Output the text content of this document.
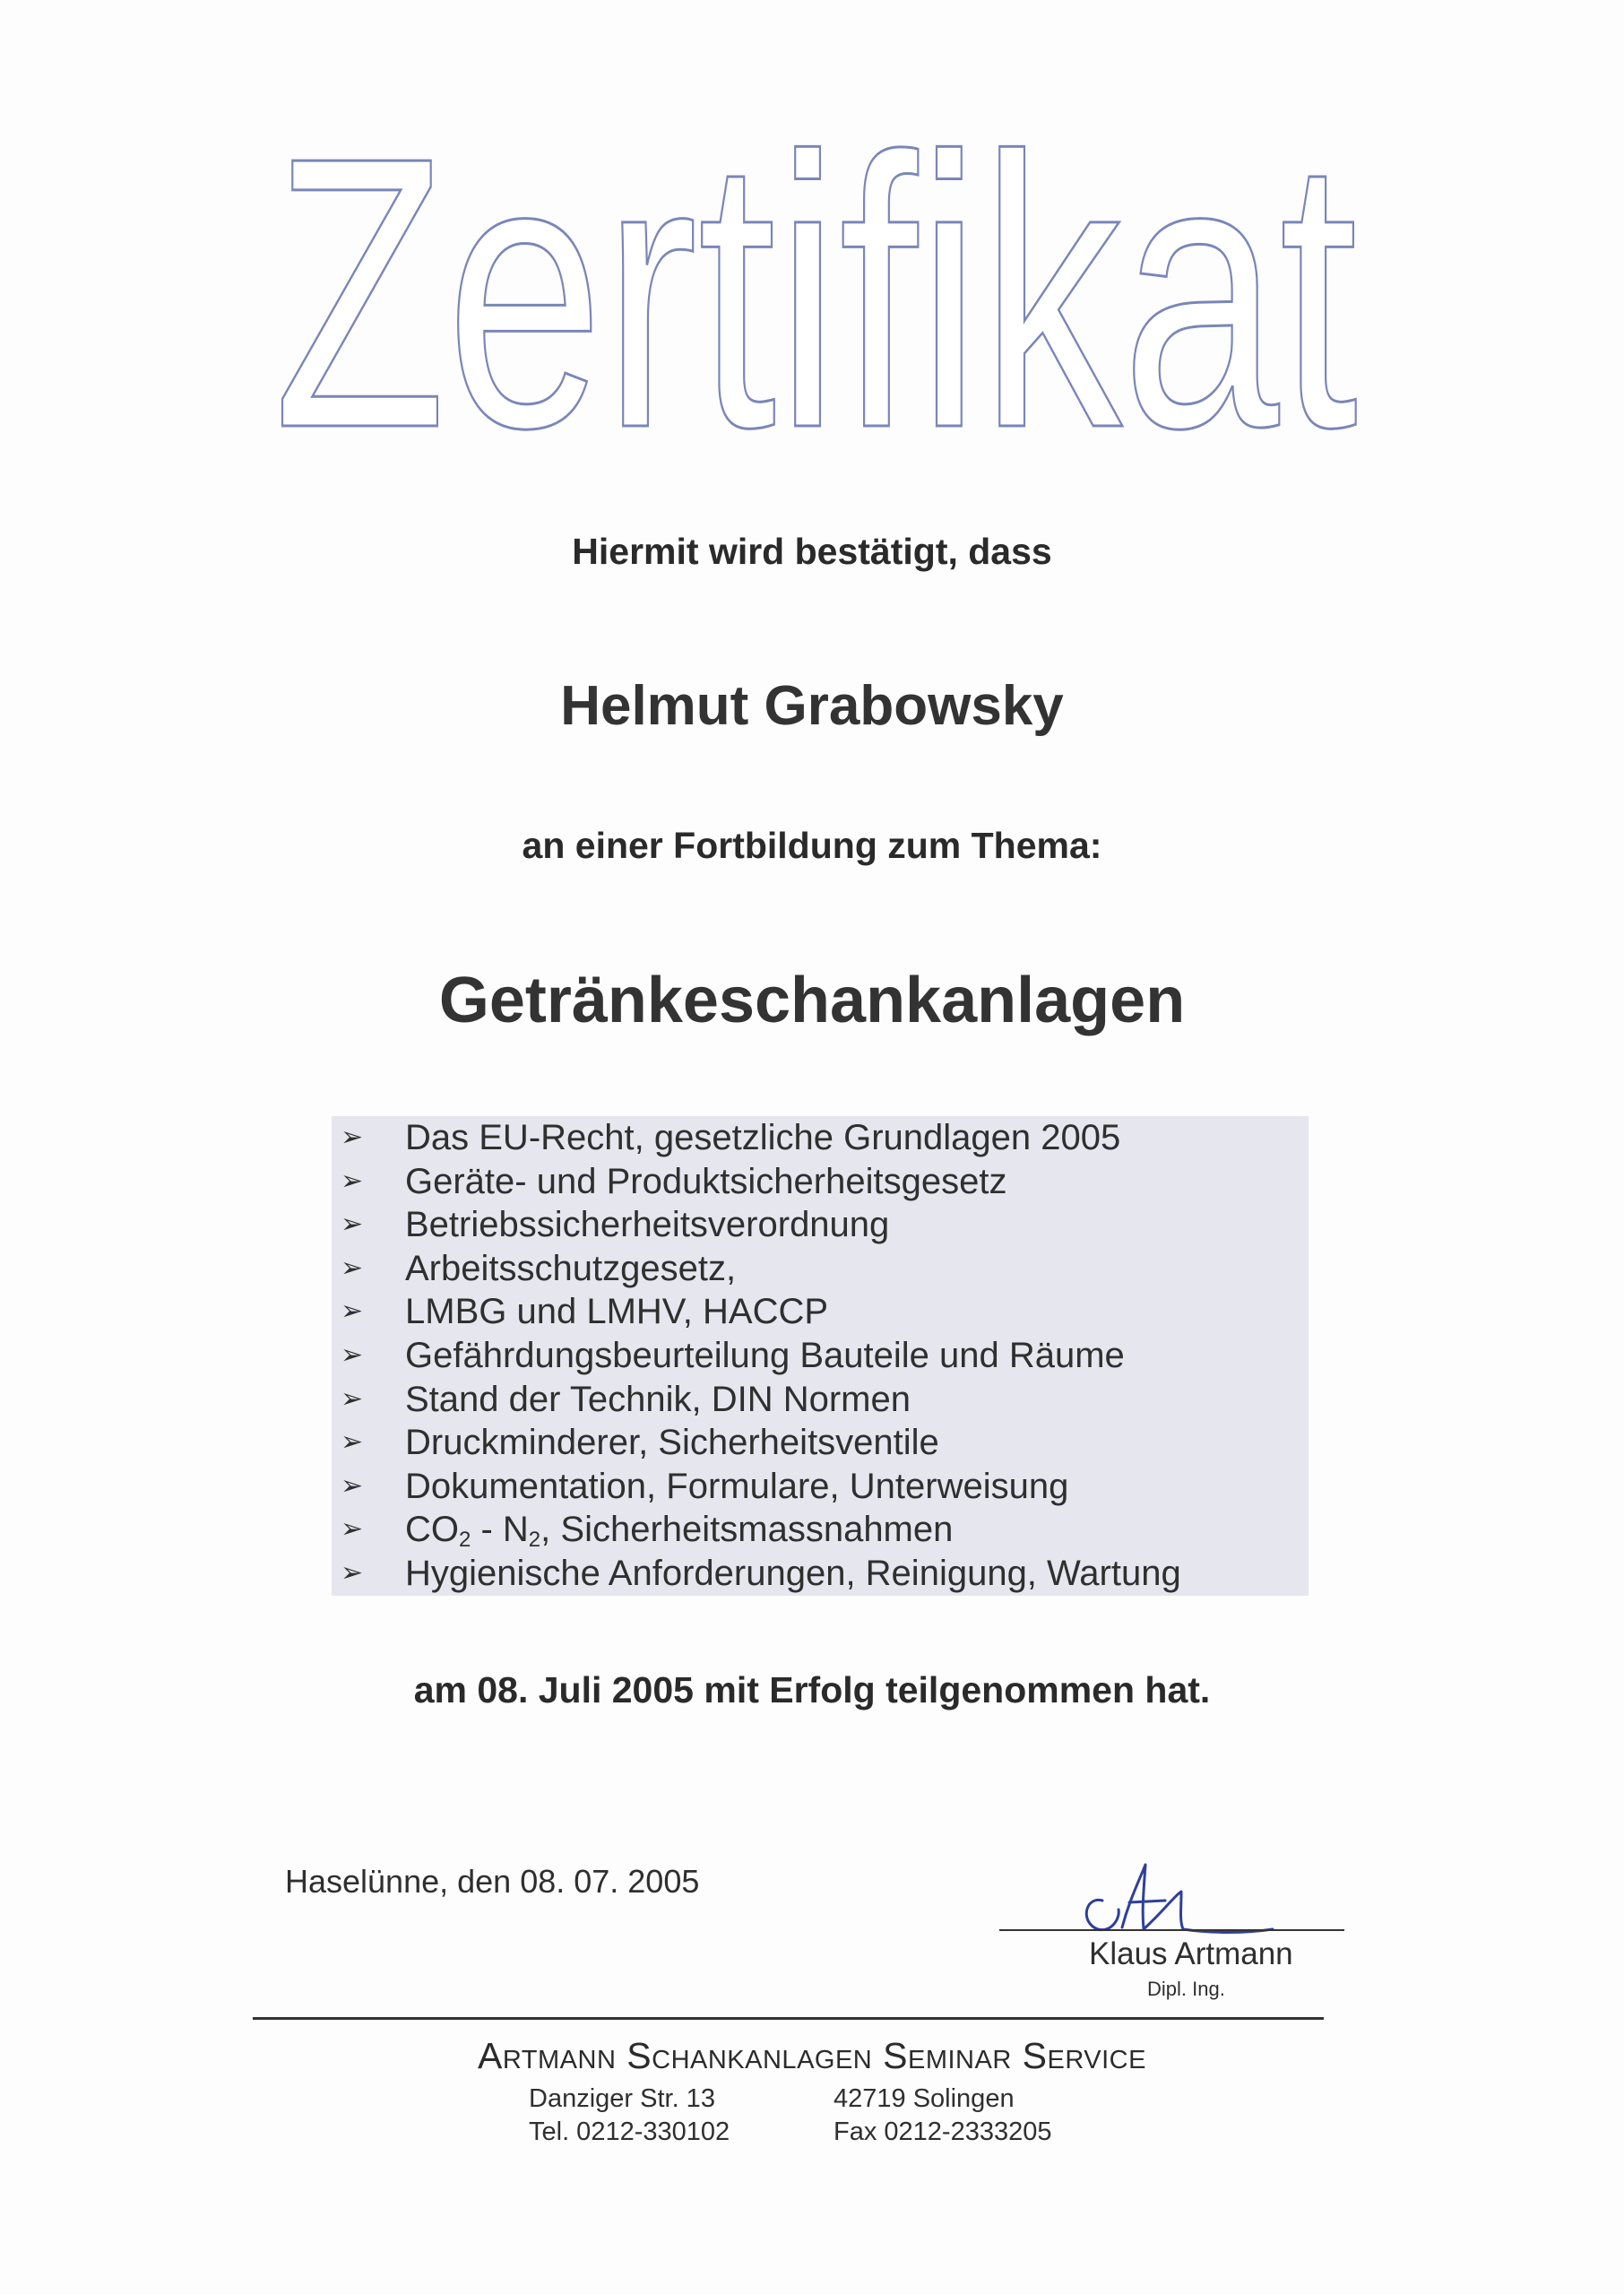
Zertifikat

Hiermit wird bestätigt, dass

Helmut Grabowsky

an einer Fortbildung zum Thema:

Getränkeschankanlagen

➢ Das EU-Recht, gesetzliche Grundlagen 2005
➢ Geräte- und Produktsicherheitsgesetz
➢ Betriebssicherheitsverordnung
➢ Arbeitsschutzgesetz,
➢ LMBG und LMHV, HACCP
➢ Gefährdungsbeurteilung Bauteile und Räume
➢ Stand der Technik, DIN Normen
➢ Druckminderer, Sicherheitsventile
➢ Dokumentation, Formulare, Unterweisung
➢ $CO_2 - N_2$, Sicherheitsmassnahmen
➢ Hygienische Anforderungen, Reinigung, Wartung

am 08. Juli 2005 mit Erfolg teilgenommen hat.

Haselünne, den 08. 07. 2005

Klaus Artmann

Dipl. Ing.

Artmann Schankanlagen Seminar Service

Danziger Str. 13	42719 Solingen
Tel. 0212-330102	Fax 0212-2333205
